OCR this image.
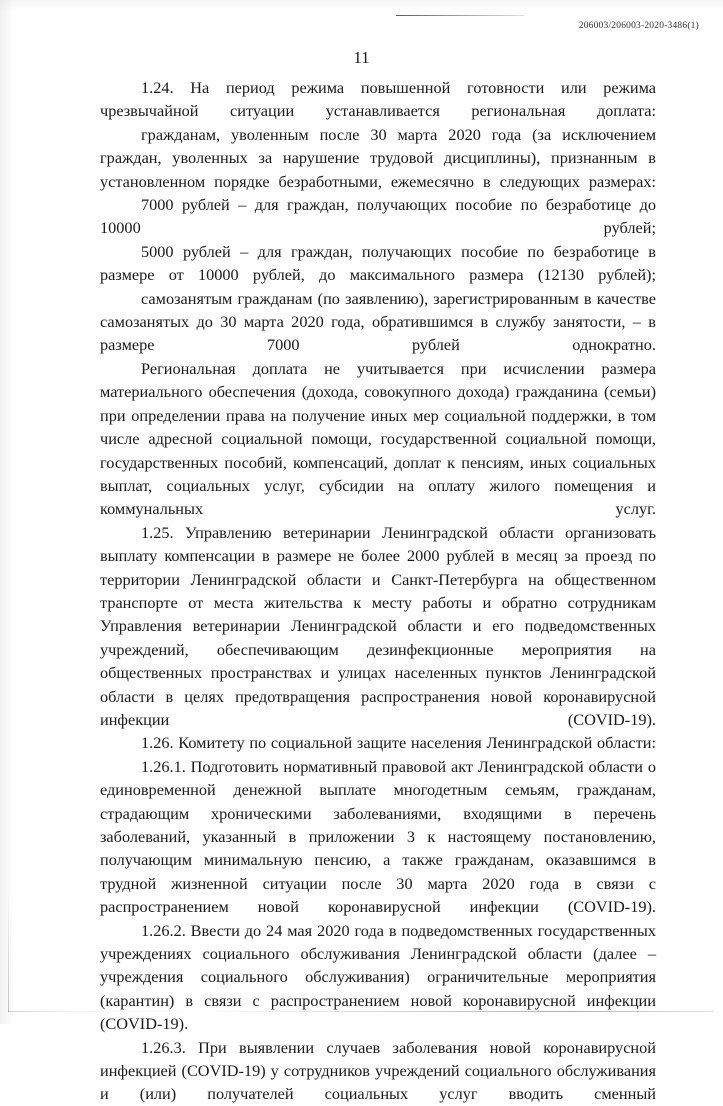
206003/206003-2020-3486(1)
11

1.24. На период режима повышенной готовности или режима чрезвычайной ситуации устанавливается региональная доплата:

гражданам, уволенным после 30 марта 2020 года (за исключением граждан, уволенных за нарушение трудовой дисциплины), признанным в установленном порядке безработными, ежемесячно в следующих размерах:

7000 рублей – для граждан, получающих пособие по безработице до 10000 рублей;

5000 рублей – для граждан, получающих пособие по безработице в размере от 10000 рублей, до максимального размера (12130 рублей);

самозанятым гражданам (по заявлению), зарегистрированным в качестве самозанятых до 30 марта 2020 года, обратившимся в службу занятости, – в размере 7000 рублей однократно.

Региональная доплата не учитывается при исчислении размера материального обеспечения (дохода, совокупного дохода) гражданина (семьи) при определении права на получение иных мер социальной поддержки, в том числе адресной социальной помощи, государственной социальной помощи, государственных пособий, компенсаций, доплат к пенсиям, иных социальных выплат, социальных услуг, субсидии на оплату жилого помещения и коммунальных услуг.

1.25. Управлению ветеринарии Ленинградской области организовать выплату компенсации в размере не более 2000 рублей в месяц за проезд по территории Ленинградской области и Санкт-Петербурга на общественном транспорте от места жительства к месту работы и обратно сотрудникам Управления ветеринарии Ленинградской области и его подведомственных учреждений, обеспечивающим дезинфекционные мероприятия на общественных пространствах и улицах населенных пунктов Ленинградской области в целях предотвращения распространения новой коронавирусной инфекции (COVID-19).

1.26. Комитету по социальной защите населения Ленинградской области:

1.26.1. Подготовить нормативный правовой акт Ленинградской области о единовременной денежной выплате многодетным семьям, гражданам, страдающим хроническими заболеваниями, входящими в перечень заболеваний, указанный в приложении 3 к настоящему постановлению, получающим минимальную пенсию, а также гражданам, оказавшимся в трудной жизненной ситуации после 30 марта 2020 года в связи с распространением новой коронавирусной инфекции (COVID-19).

1.26.2. Ввести до 24 мая 2020 года в подведомственных государственных учреждениях социального обслуживания Ленинградской области (далее – учреждения социального обслуживания) ограничительные мероприятия (карантин) в связи с распространением новой коронавирусной инфекции (COVID-19).

1.26.3. При выявлении случаев заболевания новой коронавирусной инфекцией (COVID-19) у сотрудников учреждений социального обслуживания и (или) получателей социальных услуг вводить сменный
